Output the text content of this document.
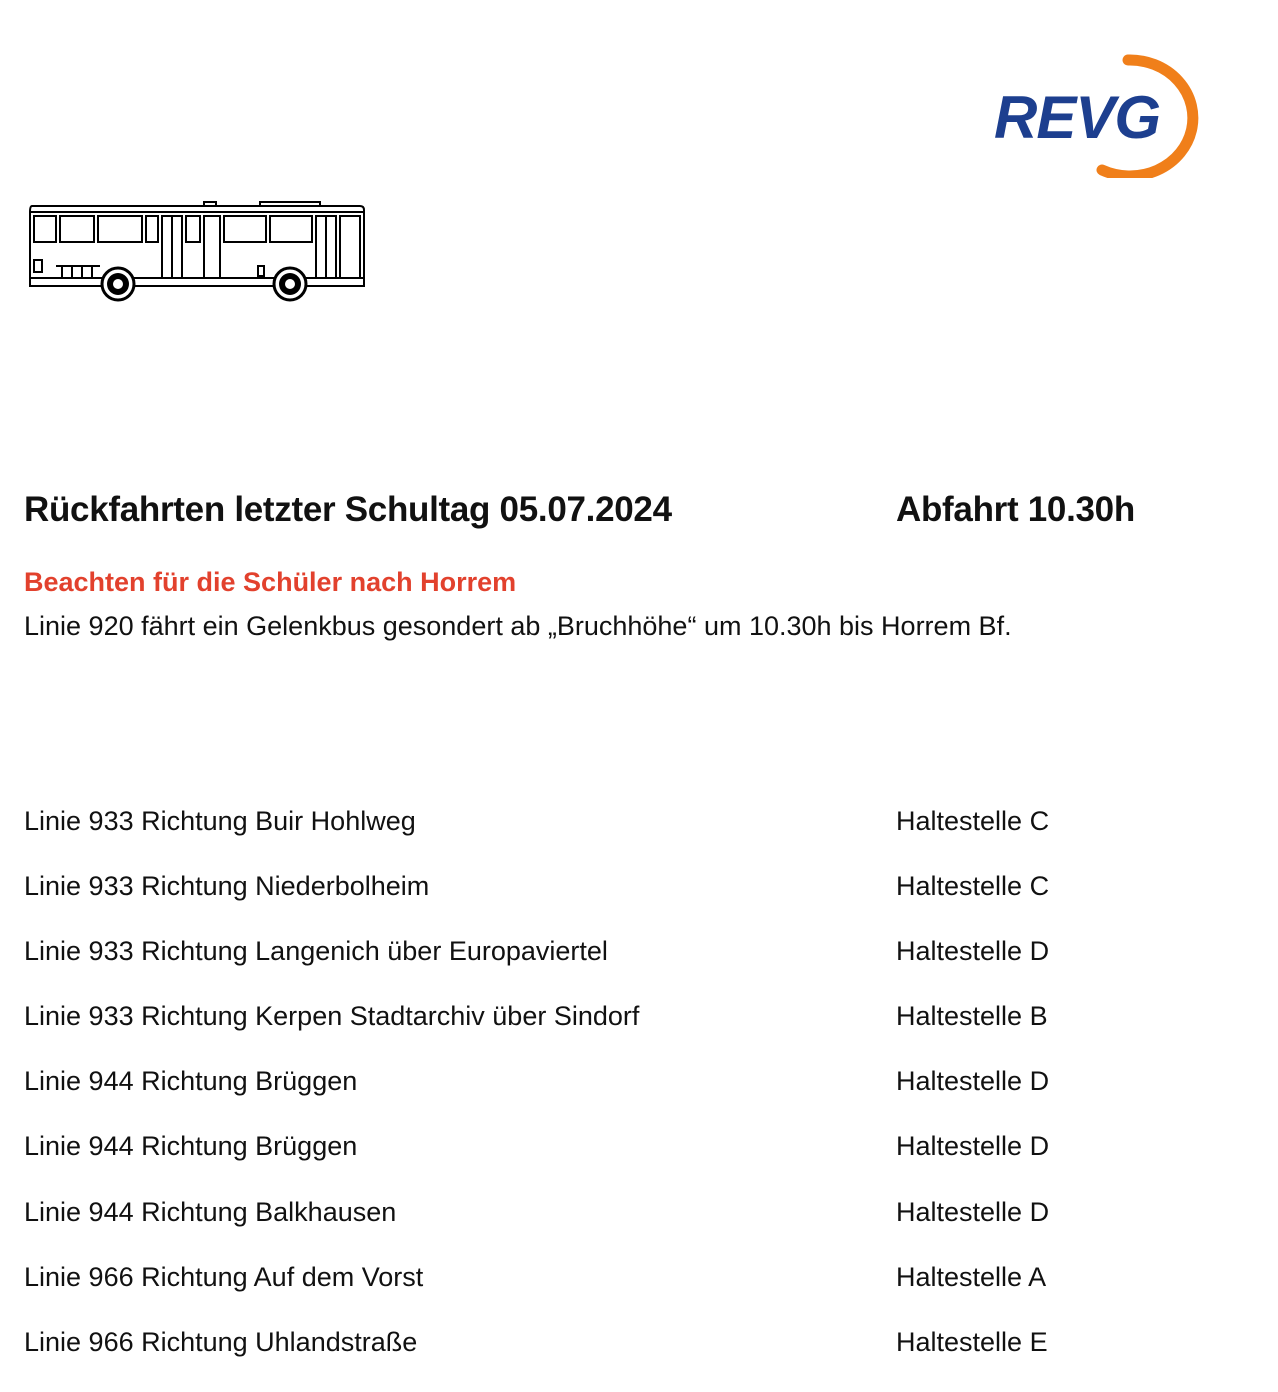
REVG
Rückfahrten letzter Schultag 05.07.2024	Abfahrt 10.30h
Beachten für die Schüler nach Horrem
Linie 920 fährt ein Gelenkbus gesondert ab „Bruchhöhe“ um 10.30h bis Horrem Bf.
Linie 933 Richtung Buir Hohlweg	Haltestelle C
Linie 933 Richtung Niederbolheim	Haltestelle C
Linie 933 Richtung Langenich über Europaviertel	Haltestelle D
Linie 933 Richtung Kerpen Stadtarchiv über Sindorf	Haltestelle B
Linie 944 Richtung Brüggen	Haltestelle D
Linie 944 Richtung Brüggen	Haltestelle D
Linie 944 Richtung Balkhausen	Haltestelle D
Linie 966 Richtung Auf dem Vorst	Haltestelle A
Linie 966 Richtung Uhlandstraße	Haltestelle E
